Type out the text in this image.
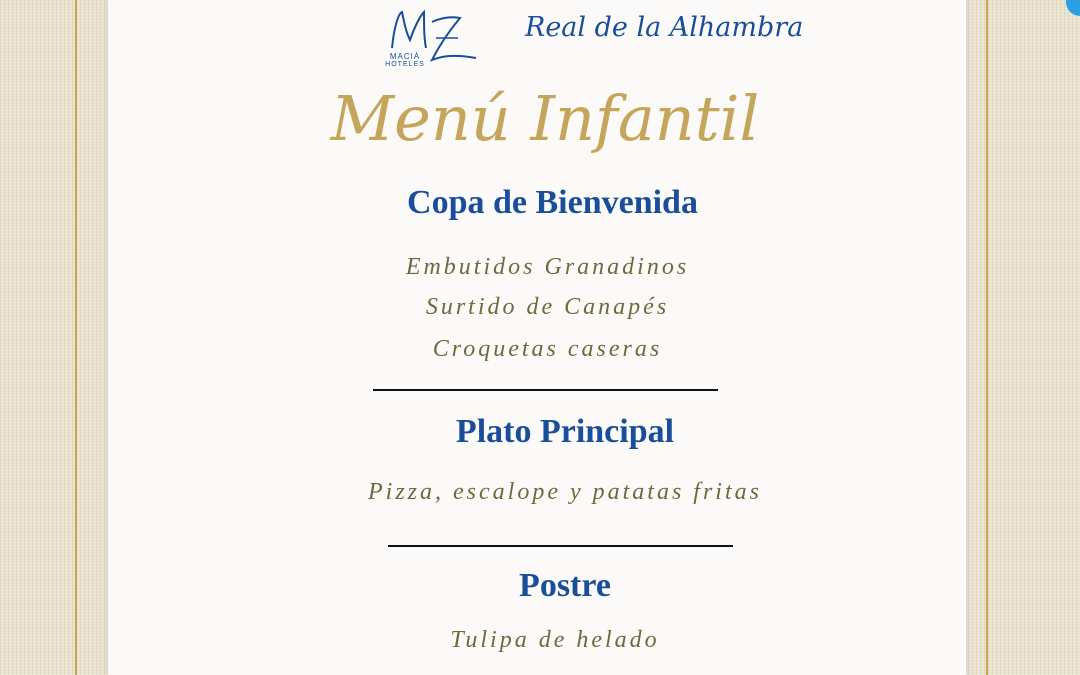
MACIÀ
HOTELES
Real de la Alhambra
Menú Infantil
Copa de Bienvenida
Embutidos Granadinos
Surtido de Canapés
Croquetas caseras
Plato Principal
Pizza, escalope y patatas fritas
Postre
Tulipa de helado
